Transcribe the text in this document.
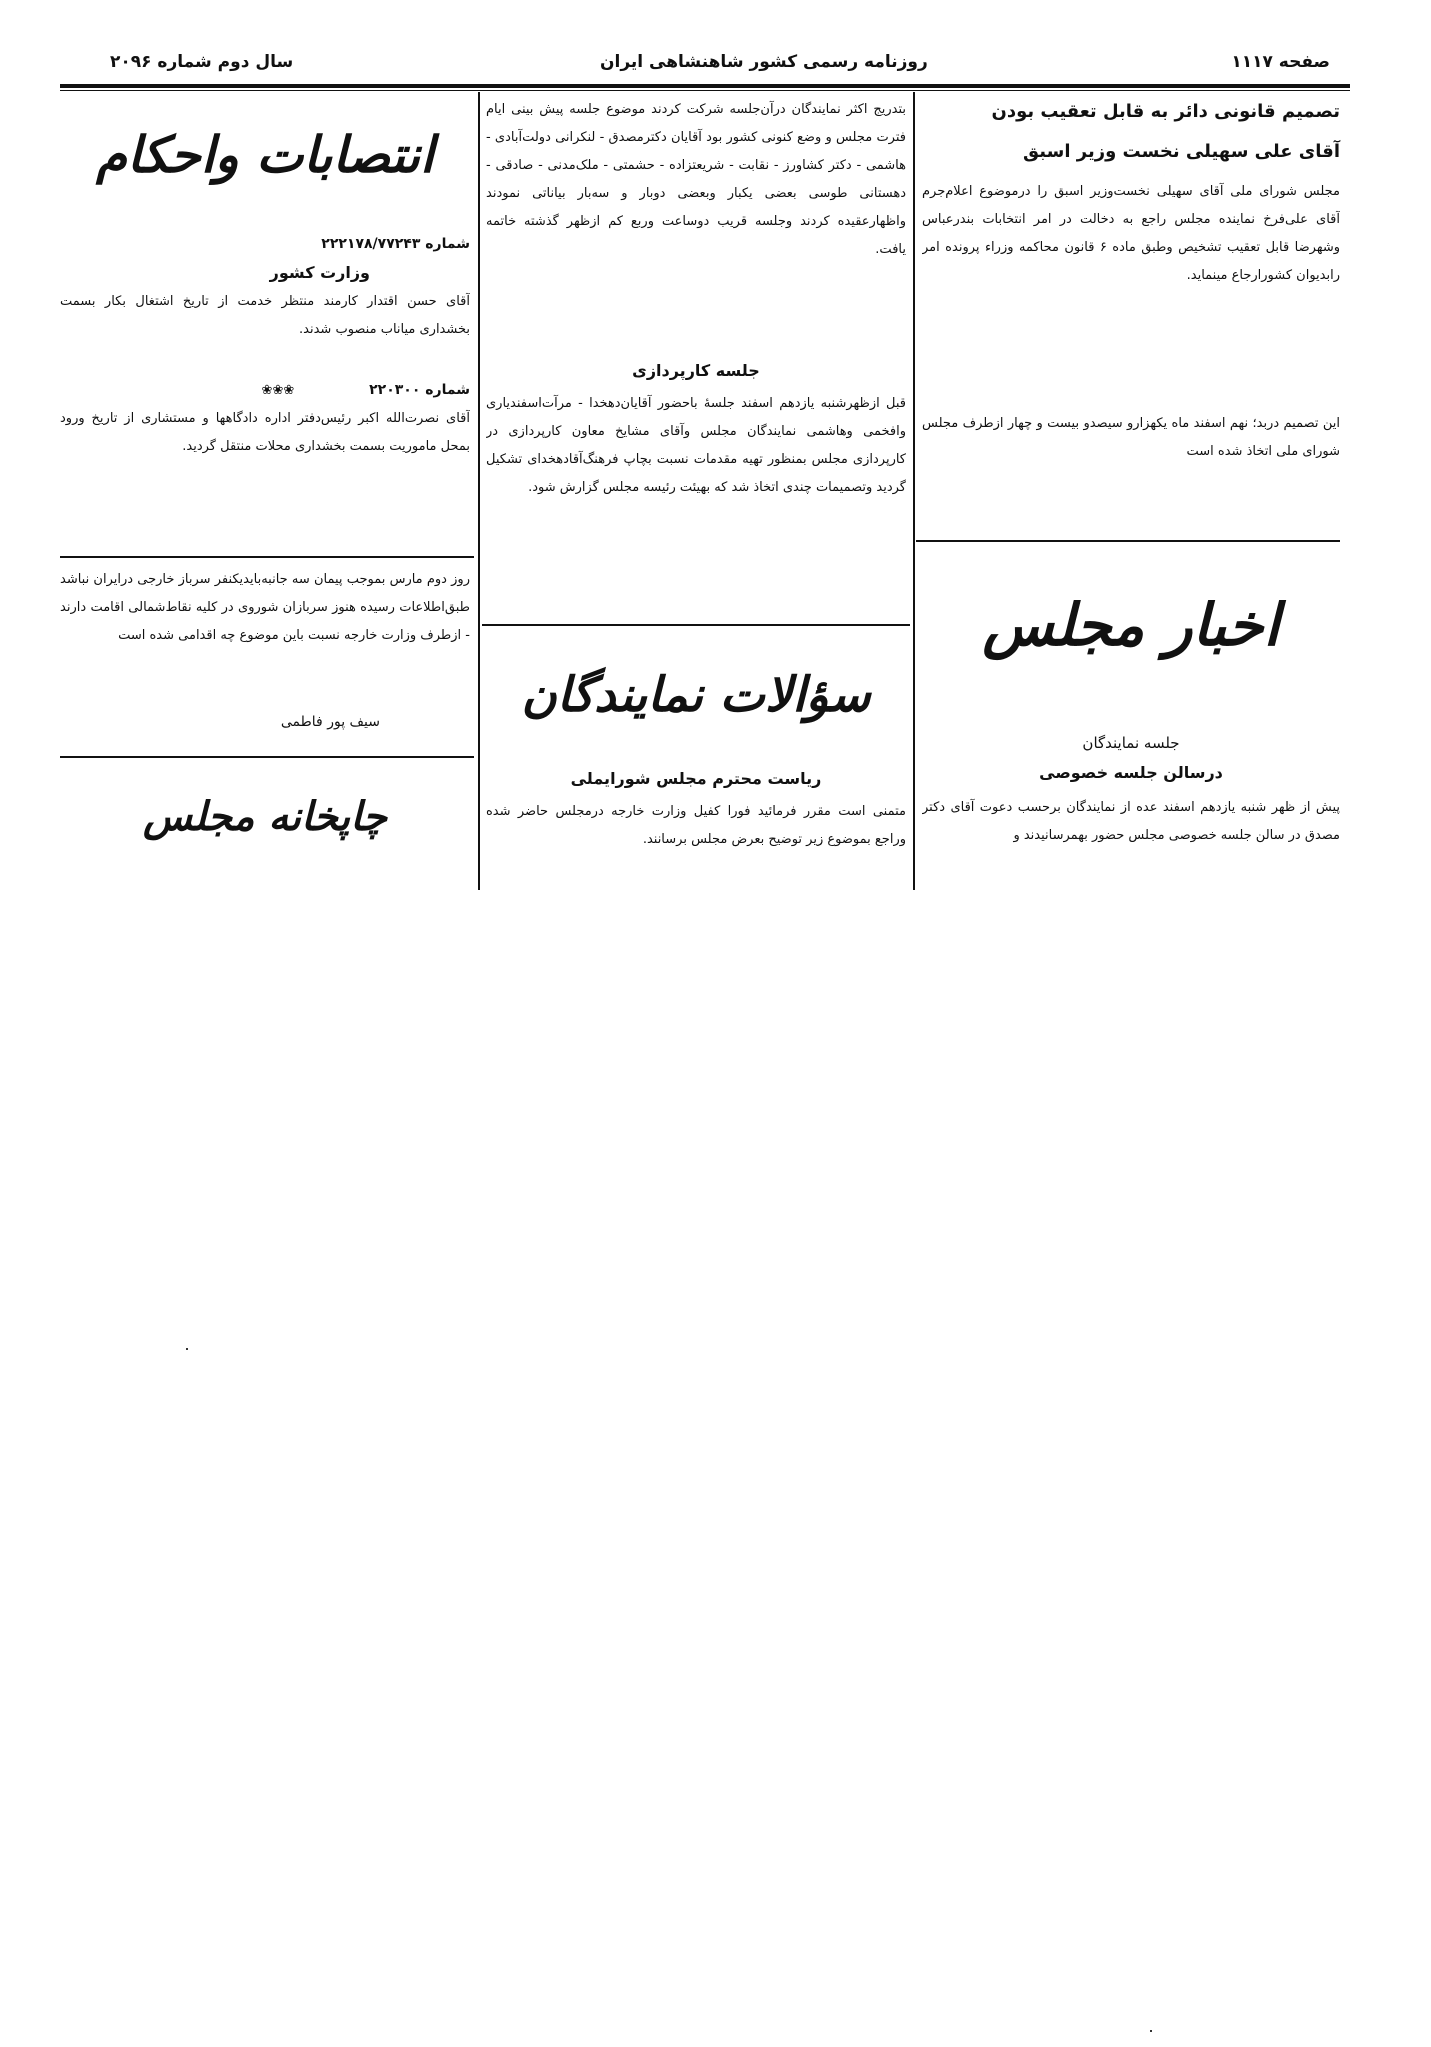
صفحه ۱۱۱۷
روزنامه رسمی کشور شاهنشاهی ایران
سال دوم شماره ۲۰۹۶

تصمیم قانونی دائر به قابل تعقیب بودن

آقای علی سهیلی نخست وزیر اسبق

مجلس شورای ملی آقای سهیلی نخست‌وزیر اسبق را درموضوع اعلام‌جرم آقای علی‌فرخ نماینده مجلس راجع به دخالت در امر انتخابات بندرعباس وشهرضا قابل تعقیب تشخیص وطبق ماده ۶ قانون محاکمه وزراء پرونده امر رابدیوان کشورارجاع مینماید.

این تصمیم دربد؛ نهم اسفند ماه یکهزارو سیصدو بیست و چهار ازطرف مجلس شورای ملی اتخاذ شده است

اخبار مجلس

جلسه نمایندگان

درسالن جلسه خصوصی

پیش از ظهر شنبه یازدهم اسفند عده از نمایندگان برحسب دعوت آقای دکتر مصدق در سالن جلسه خصوصی مجلس حضور بهمرسانیدند و

بتدریج اکثر نمایندگان درآن‌جلسه شرکت کردند موضوع جلسه پیش بینی ایام فترت مجلس و وضع کنونی کشور بود آقایان دکترمصدق - لنکرانی دولت‌آبادی - هاشمی - دکتر کشاورز - نقابت - شریعتزاده - حشمتی - ملک‌مدنی - صادقی - دهستانی طوسی بعضی یکبار وبعضی دوبار و سه‌بار بیاناتی نمودند واظهارعقیده کردند وجلسه قریب دوساعت وربع کم ازظهر گذشته خاتمه یافت.

جلسه کارپردازی

قبل ازظهرشنبه یازدهم اسفند جلسهٔ باحضور آقایان‌دهخدا - مرآت‌اسفندیاری وافخمی وهاشمی نمایندگان مجلس وآقای مشایخ معاون کارپردازی در کارپردازی مجلس بمنظور تهیه مقدمات نسبت بچاپ فرهنگ‌آقادهخدای تشکیل گردید وتصمیمات چندی اتخاذ شد که بهیئت رئیسه مجلس گزارش شود.

سؤالات نمایندگان

ریاست محترم مجلس شورایملی

متمنی است مقرر فرمائید فورا کفیل وزارت خارجه درمجلس حاضر شده وراجع بموضوع زیر توضیح بعرض مجلس برسانند.

انتصابات واحکام

شماره ۲۲۲۱۷۸/۷۷۲۴۳

وزارت کشور

آقای حسن اقتدار کارمند منتظر خدمت از تاریخ اشتغال بکار بسمت بخشداری میاناب منصوب شدند.

شماره ۲۲۰۳۰۰ ❀❀❀

آقای نصرت‌الله اکبر رئیس‌دفتر اداره دادگاهها و مستشاری از تاریخ ورود بمحل ماموریت بسمت بخشداری محلات منتقل گردید.

روز دوم مارس بموجب پیمان سه جانبه‌بایدیکنفر سرباز خارجی درایران نباشد طبق‌اطلاعات رسیده هنوز سربازان شوروی در کلیه نقاط‌شمالی اقامت دارند - ازطرف وزارت خارجه نسبت باین موضوع چه اقدامی شده است

سیف پور فاطمی

چاپخانه مجلس
